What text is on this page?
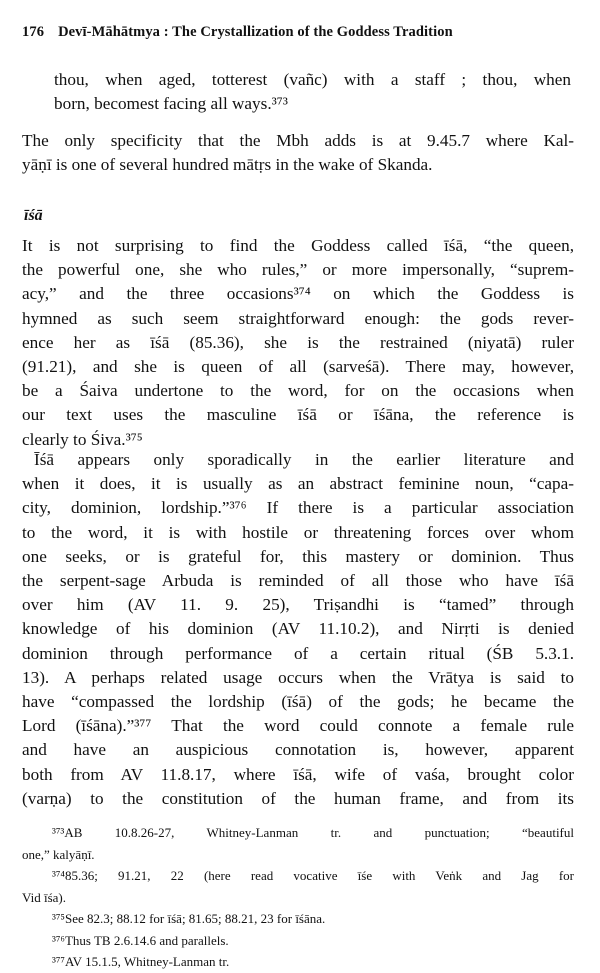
176 Devī-Māhātmya : The Crystallization of the Goddess Tradition
thou, when aged, totterest (vañc) with a staff ; thou, when
born, becomest facing all ways.³⁷³
The only specificity that the Mbh adds is at 9.45.7 where Kal-
yāṇī is one of several hundred mātṛs in the wake of Skanda.
īśā
It is not surprising to find the Goddess called īśā, “the queen,
the powerful one, she who rules,” or more impersonally, “suprem-
acy,” and the three occasions³⁷⁴ on which the Goddess is
hymned as such seem straightforward enough: the gods rever-
ence her as īśā (85.36), she is the restrained (niyatā) ruler
(91.21), and she is queen of all (sarveśā). There may, however,
be a Śaiva undertone to the word, for on the occasions when
our text uses the masculine īśā or īśāna, the reference is
clearly to Śiva.³⁷⁵
Īśā appears only sporadically in the earlier literature and
when it does, it is usually as an abstract feminine noun, “capa-
city, dominion, lordship.”³⁷⁶ If there is a particular association
to the word, it is with hostile or threatening forces over whom
one seeks, or is grateful for, this mastery or dominion. Thus
the serpent-sage Arbuda is reminded of all those who have īśā
over him (AV 11. 9. 25), Triṣandhi is “tamed” through
knowledge of his dominion (AV 11.10.2), and Nirṛti is denied
dominion through performance of a certain ritual (ŚB 5.3.1.
13). A perhaps related usage occurs when the Vrātya is said to
have “compassed the lordship (īśā) of the gods; he became the
Lord (īśāna).”³⁷⁷ That the word could connote a female rule
and have an auspicious connotation is, however, apparent
both from AV 11.8.17, where īśā, wife of vaśa, brought color
(varṇa) to the constitution of the human frame, and from its
³⁷³AB 10.8.26-27, Whitney-Lanman tr. and punctuation; “beautiful
one,” kalyāṇī.
³⁷⁴85.36; 91.21, 22 (here read vocative īśe with Veṅk and Jag for
Vid īśa).
³⁷⁵See 82.3; 88.12 for īśā; 81.65; 88.21, 23 for īśāna.
³⁷⁶Thus TB 2.6.14.6 and parallels.
³⁷⁷AV 15.1.5, Whitney-Lanman tr.
